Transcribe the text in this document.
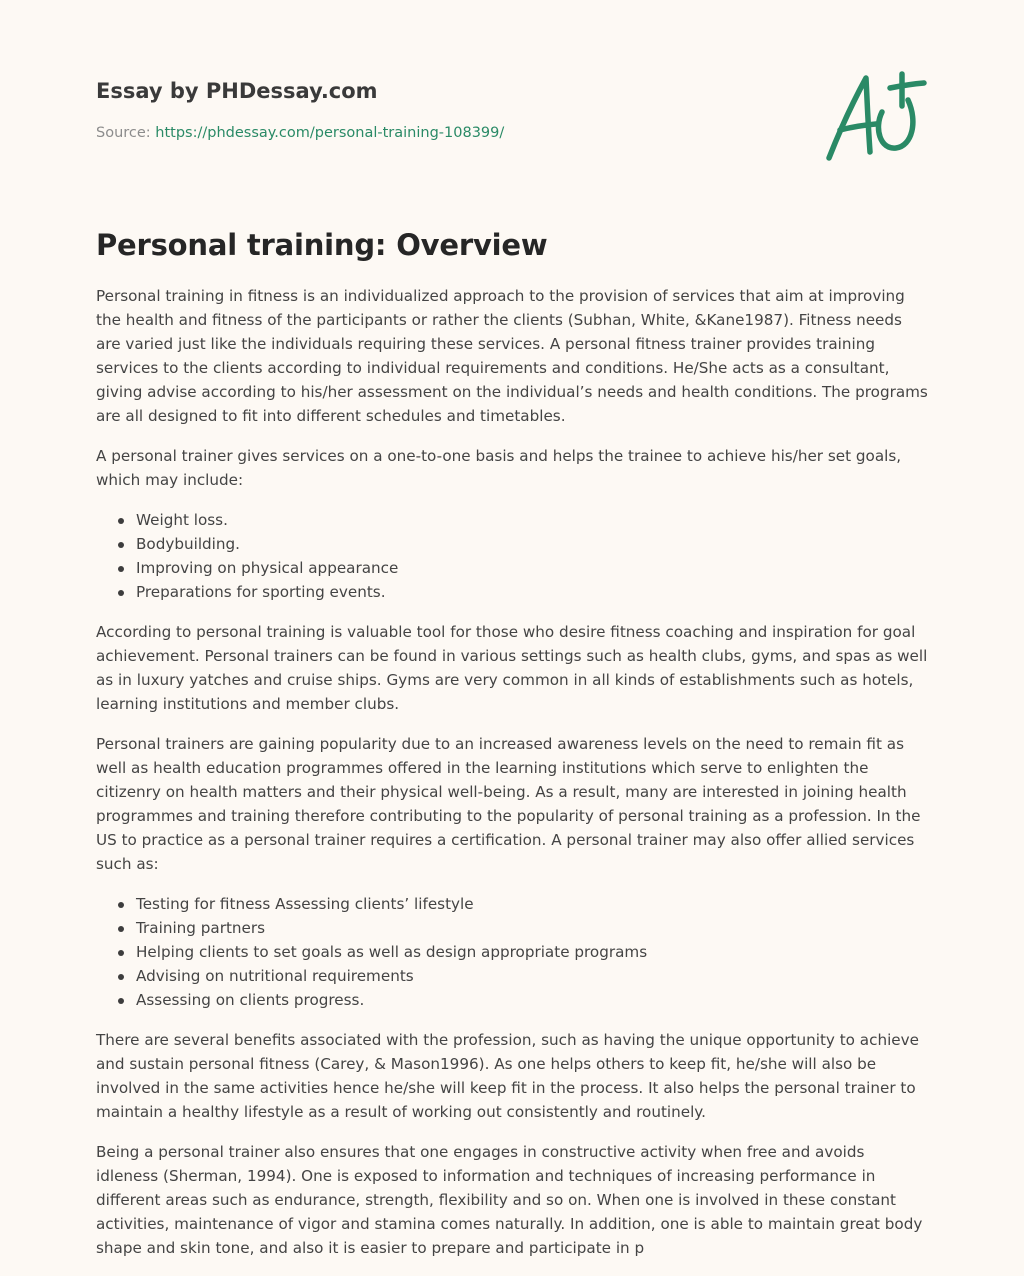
Essay by PHDessay.com
Source: https://phdessay.com/personal-training-108399/
Personal training: Overview

Personal training in fitness is an individualized approach to the provision of services that aim at improving the health and fitness of the participants or rather the clients (Subhan, White, &Kane1987). Fitness needs are varied just like the individuals requiring these services. A personal fitness trainer provides training services to the clients according to individual requirements and conditions. He/She acts as a consultant, giving advise according to his/her assessment on the individual’s needs and health conditions. The programs are all designed to fit into different schedules and timetables.

A personal trainer gives services on a one-to-one basis and helps the trainee to achieve his/her set goals, which may include:

Weight loss.
Bodybuilding.
Improving on physical appearance
Preparations for sporting events.

According to personal training is valuable tool for those who desire fitness coaching and inspiration for goal achievement. Personal trainers can be found in various settings such as health clubs, gyms, and spas as well as in luxury yatches and cruise ships. Gyms are very common in all kinds of establishments such as hotels, learning institutions and member clubs.

Personal trainers are gaining popularity due to an increased awareness levels on the need to remain fit as well as health education programmes offered in the learning institutions which serve to enlighten the citizenry on health matters and their physical well-being. As a result, many are interested in joining health programmes and training therefore contributing to the popularity of personal training as a profession. In the US to practice as a personal trainer requires a certification. A personal trainer may also offer allied services such as:

Testing for fitness Assessing clients’ lifestyle
Training partners
Helping clients to set goals as well as design appropriate programs
Advising on nutritional requirements
Assessing on clients progress.

There are several benefits associated with the profession, such as having the unique opportunity to achieve and sustain personal fitness (Carey, & Mason1996). As one helps others to keep fit, he/she will also be involved in the same activities hence he/she will keep fit in the process. It also helps the personal trainer to maintain a healthy lifestyle as a result of working out consistently and routinely.

Being a personal trainer also ensures that one engages in constructive activity when free and avoids idleness (Sherman, 1994). One is exposed to information and techniques of increasing performance in different areas such as endurance, strength, flexibility and so on. When one is involved in these constant activities, maintenance of vigor and stamina comes naturally. In addition, one is able to maintain great body shape and skin tone, and also it is easier to prepare and participate in p
